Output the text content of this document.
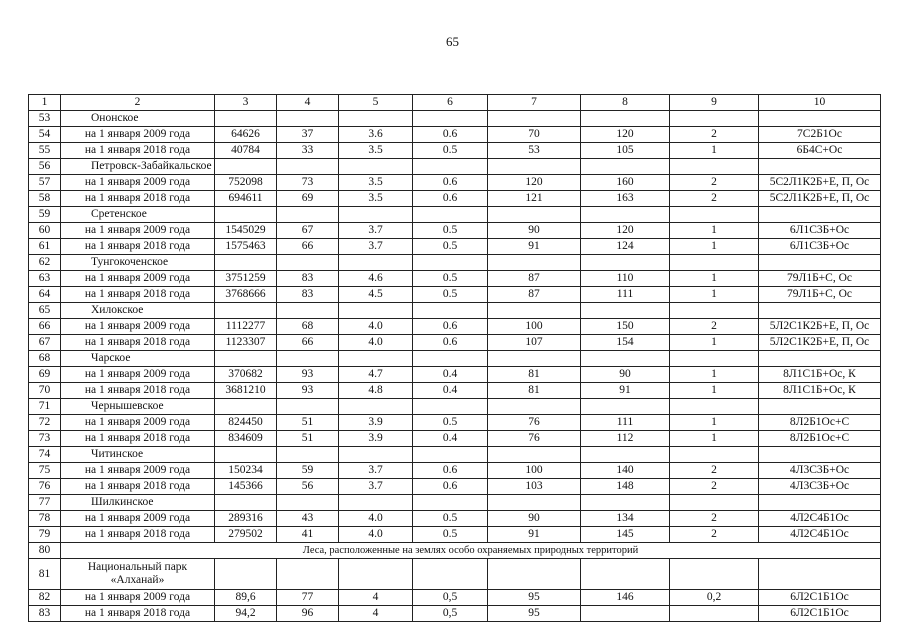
65
1	2	3	4	5	6	7	8	9	10
53	Ононское								
54	на 1 января 2009 года	64626	37	3.6	0.6	70	120	2	7С2Б1Ос
55	на 1 января 2018 года	40784	33	3.5	0.5	53	105	1	6Б4С+Ос
56	Петровск-Забайкальское								
57	на 1 января 2009 года	752098	73	3.5	0.6	120	160	2	5С2Л1К2Б+Е, П, Ос
58	на 1 января 2018 года	694611	69	3.5	0.6	121	163	2	5С2Л1К2Б+Е, П, Ос
59	Сретенское								
60	на 1 января 2009 года	1545029	67	3.7	0.5	90	120	1	6Л1С3Б+Ос
61	на 1 января 2018 года	1575463	66	3.7	0.5	91	124	1	6Л1С3Б+Ос
62	Тунгокоченское								
63	на 1 января 2009 года	3751259	83	4.6	0.5	87	110	1	79Л1Б+С, Ос
64	на 1 января 2018 года	3768666	83	4.5	0.5	87	111	1	79Л1Б+С, Ос
65	Хилокское								
66	на 1 января 2009 года	1112277	68	4.0	0.6	100	150	2	5Л2С1К2Б+Е, П, Ос
67	на 1 января 2018 года	1123307	66	4.0	0.6	107	154	1	5Л2С1К2Б+Е, П, Ос
68	Чарское								
69	на 1 января 2009 года	370682	93	4.7	0.4	81	90	1	8Л1С1Б+Ос, К
70	на 1 января 2018 года	3681210	93	4.8	0.4	81	91	1	8Л1С1Б+Ос, К
71	Чернышевское								
72	на 1 января 2009 года	824450	51	3.9	0.5	76	111	1	8Л2Б1Ос+С
73	на 1 января 2018 года	834609	51	3.9	0.4	76	112	1	8Л2Б1Ос+С
74	Читинское								
75	на 1 января 2009 года	150234	59	3.7	0.6	100	140	2	4Л3С3Б+Ос
76	на 1 января 2018 года	145366	56	3.7	0.6	103	148	2	4Л3С3Б+Ос
77	Шилкинское								
78	на 1 января 2009 года	289316	43	4.0	0.5	90	134	2	4Л2С4Б1Ос
79	на 1 января 2018 года	279502	41	4.0	0.5	91	145	2	4Л2С4Б1Ос
80	Леса, расположенные на землях особо охраняемых природных территорий								
81	Национальный парк «Алханай»								
82	на 1 января 2009 года	89,6	77	4	0,5	95	146	0,2	6Л2С1Б1Ос
83	на 1 января 2018 года	94,2	96	4	0,5	95			6Л2С1Б1Ос
